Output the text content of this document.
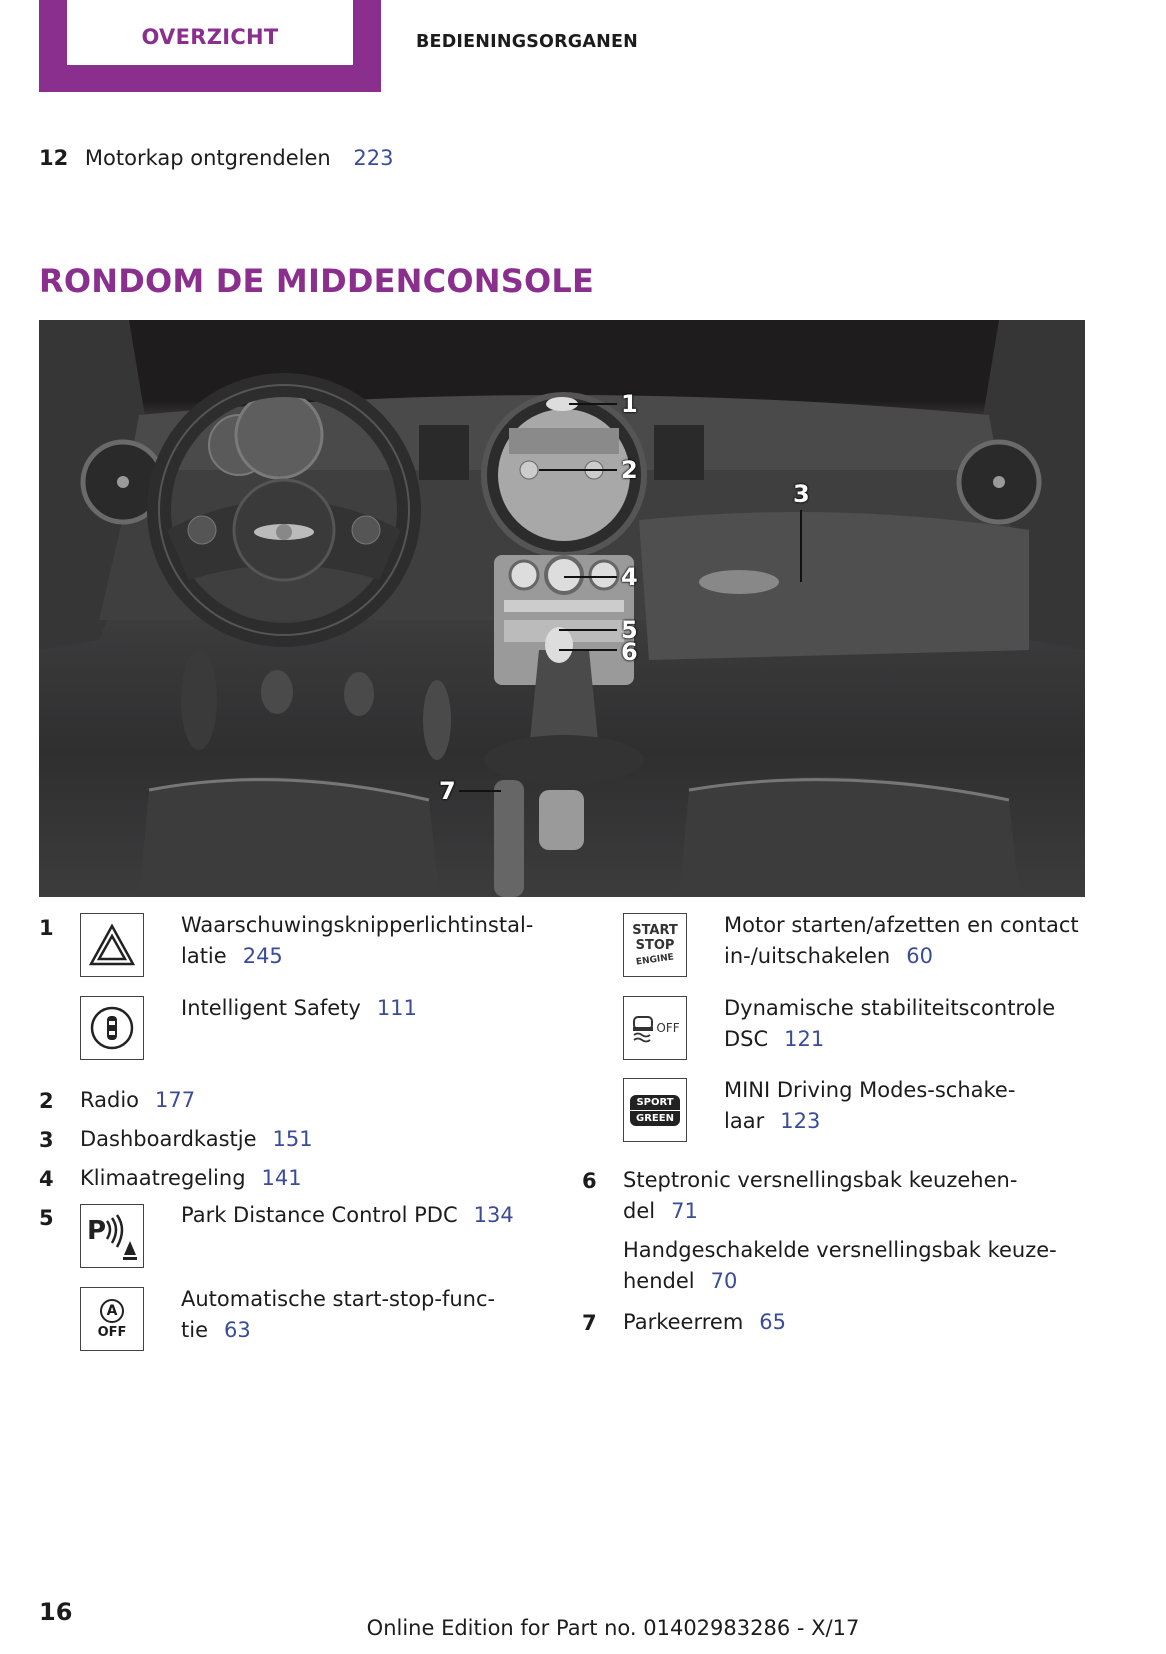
OVERZICHT	BEDIENINGSORGANEN
12 Motorkap ontgrendelen 223
RONDOM DE MIDDENCONSOLE
1
2
3
4
5
6
7
1	Waarschuwingsknipperlichtinstal-
latie 245
Intelligent Safety 111
2 Radio 177
3 Dashboardkastje 151
4 Klimaatregeling 141
5 P
Park Distance Control PDC 134
A
OFF
Automatische start-stop-func-
tie 63
START
STOP
ENGINE
Motor starten/afzetten en contact
in-/uitschakelen 60
OFF
Dynamische stabiliteitscontrole
DSC 121
SPORT
GREEN
MINI Driving Modes-schake-
laar 123
6 Steptronic versnellingsbak keuzehen-
del 71
Handgeschakelde versnellingsbak keuze-
hendel 70
7 Parkeerrem 65
16
Online Edition for Part no. 01402983286 - X/17
